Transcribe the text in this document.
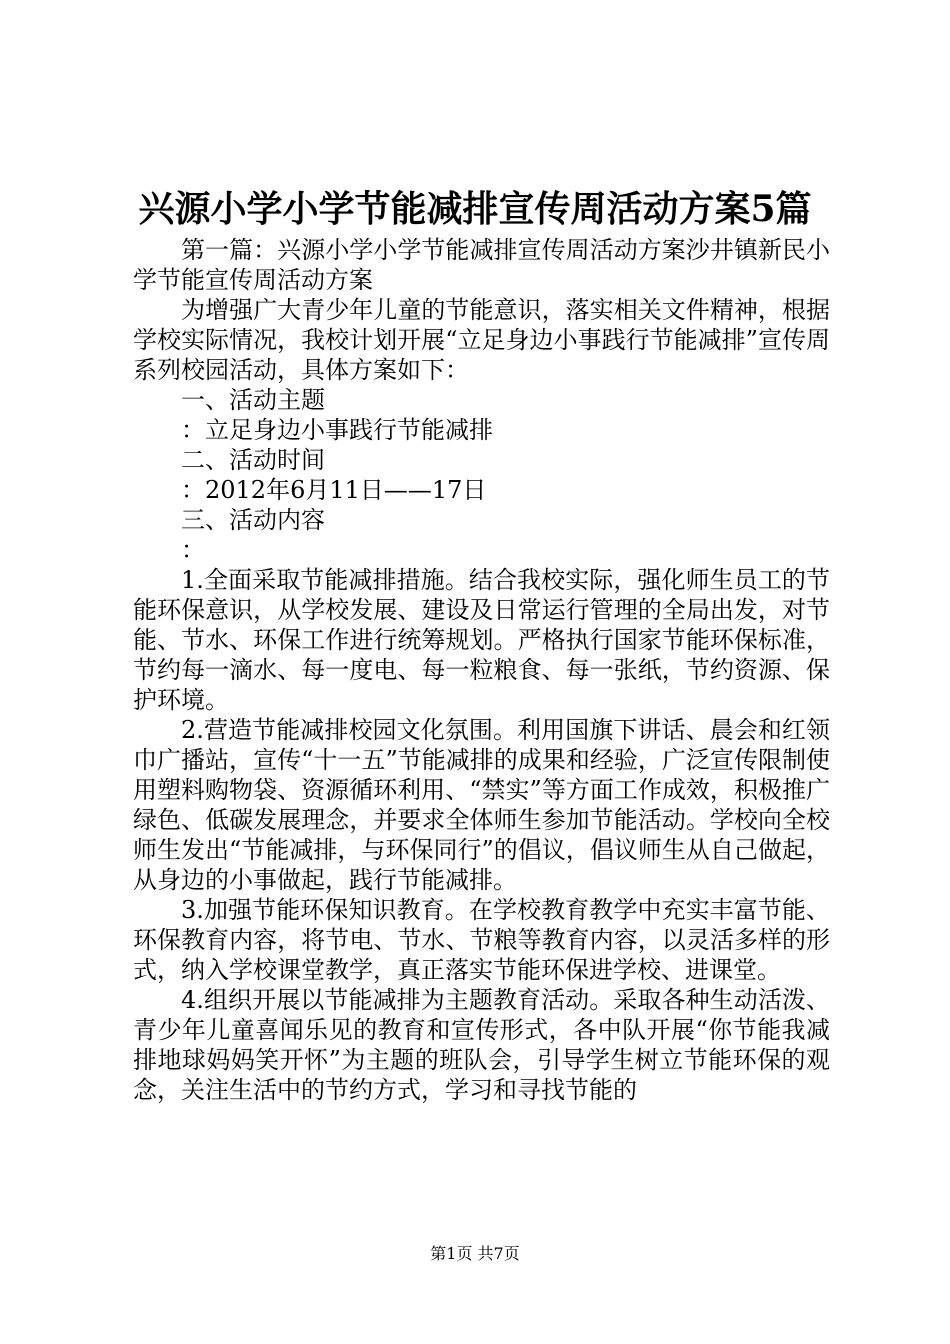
兴源小学小学节能减排宣传周活动方案5篇

第一篇：兴源小学小学节能减排宣传周活动方案沙井镇新民小学节能宣传周活动方案

为增强广大青少年儿童的节能意识，落实相关文件精神，根据学校实际情况，我校计划开展“立足身边小事践行节能减排”宣传周系列校园活动，具体方案如下：

一、活动主题

：立足身边小事践行节能减排

二、活动时间

：2012年6月11日——17日

三、活动内容

：

1.全面采取节能减排措施。结合我校实际，强化师生员工的节能环保意识，从学校发展、建设及日常运行管理的全局出发，对节能、节水、环保工作进行统筹规划。严格执行国家节能环保标准，节约每一滴水、每一度电、每一粒粮食、每一张纸，节约资源、保护环境。

2.营造节能减排校园文化氛围。利用国旗下讲话、晨会和红领巾广播站，宣传“十一五”节能减排的成果和经验，广泛宣传限制使用塑料购物袋、资源循环利用、“禁实”等方面工作成效，积极推广绿色、低碳发展理念，并要求全体师生参加节能活动。学校向全校师生发出“节能减排，与环保同行”的倡议，倡议师生从自己做起，从身边的小事做起，践行节能减排。

3.加强节能环保知识教育。在学校教育教学中充实丰富节能、环保教育内容，将节电、节水、节粮等教育内容，以灵活多样的形式，纳入学校课堂教学，真正落实节能环保进学校、进课堂。

4.组织开展以节能减排为主题教育活动。采取各种生动活泼、青少年儿童喜闻乐见的教育和宣传形式，各中队开展“你节能我减排地球妈妈笑开怀”为主题的班队会，引导学生树立节能环保的观念，关注生活中的节约方式，学习和寻找节能的

第1页 共7页
